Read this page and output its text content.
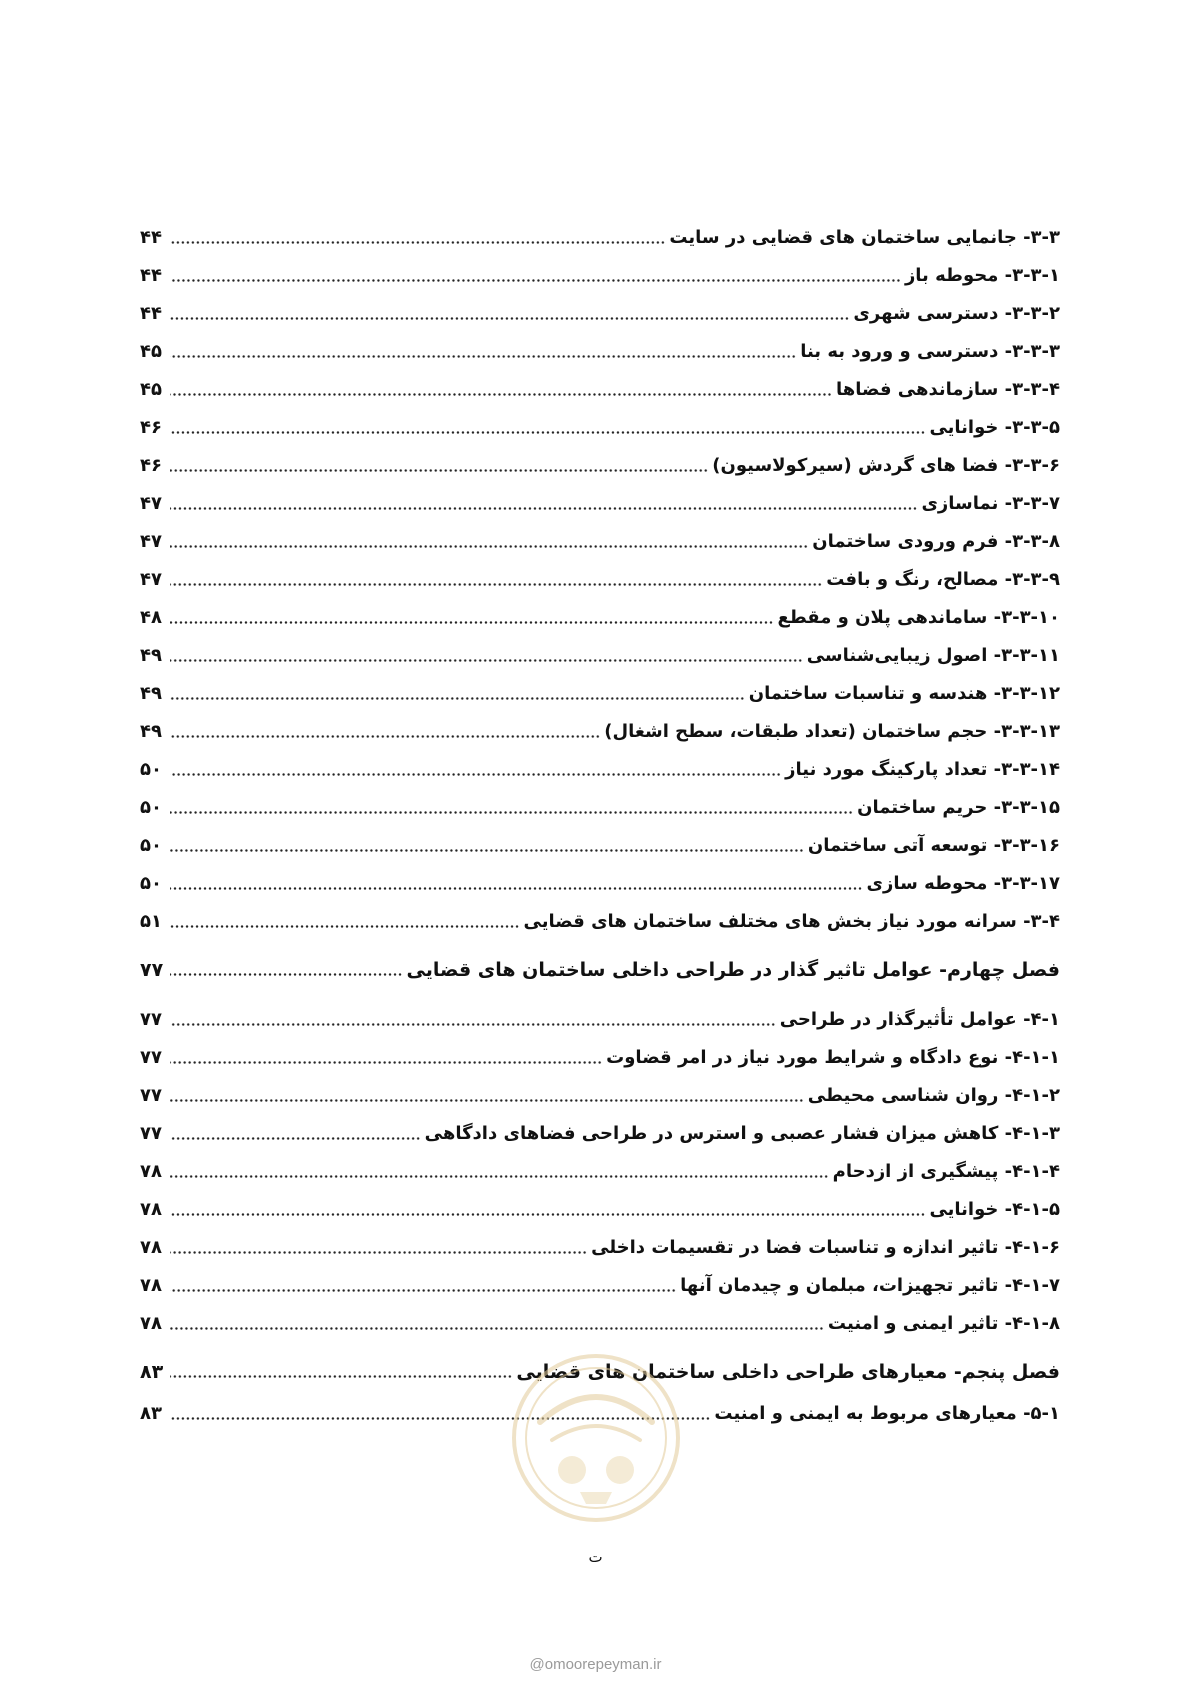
۳-۳- جانمایی ساختمان های قضایی در سایت
۴۴
۳-۳-۱- محوطه باز
۴۴
۳-۳-۲- دسترسی شهری
۴۴
۳-۳-۳- دسترسی و ورود به بنا
۴۵
۳-۳-۴- سازماندهی فضاها
۴۵
۳-۳-۵- خوانایی
۴۶
۳-۳-۶- فضا های گردش (سیرکولاسیون)
۴۶
۳-۳-۷- نماسازی
۴۷
۳-۳-۸- فرم ورودی ساختمان
۴۷
۳-۳-۹- مصالح، رنگ و بافت
۴۷
۳-۳-۱۰- ساماندهی پلان و مقطع
۴۸
۳-۳-۱۱- اصول زیبایی‌شناسی
۴۹
۳-۳-۱۲- هندسه و تناسبات ساختمان
۴۹
۳-۳-۱۳- حجم ساختمان (تعداد طبقات، سطح اشغال)
۴۹
۳-۳-۱۴- تعداد پارکینگ مورد نیاز
۵۰
۳-۳-۱۵- حریم ساختمان
۵۰
۳-۳-۱۶- توسعه آتی ساختمان
۵۰
۳-۳-۱۷- محوطه سازی
۵۰
۳-۴- سرانه مورد نیاز بخش های مختلف ساختمان های قضایی
۵۱
فصل چهارم- عوامل تاثیر گذار در طراحی داخلی ساختمان های قضایی
۷۷
۴-۱- عوامل تأثیرگذار در طراحی
۷۷
۴-۱-۱- نوع دادگاه و شرایط مورد نیاز در امر قضاوت
۷۷
۴-۱-۲- روان شناسی محیطی
۷۷
۴-۱-۳- کاهش میزان فشار عصبی و استرس در طراحی فضاهای دادگاهی
۷۷
۴-۱-۴- پیشگیری از ازدحام
۷۸
۴-۱-۵- خوانایی
۷۸
۴-۱-۶- تاثیر اندازه و تناسبات فضا در تقسیمات داخلی
۷۸
۴-۱-۷- تاثیر تجهیزات، مبلمان و چیدمان آنها
۷۸
۴-۱-۸- تاثیر ایمنی و امنیت
۷۸
فصل پنجم- معیارهای طراحی داخلی ساختمان های قضایی
۸۳
۵-۱- معیارهای مربوط به ایمنی و امنیت
۸۳
ت
@omoorepeyman.ir
